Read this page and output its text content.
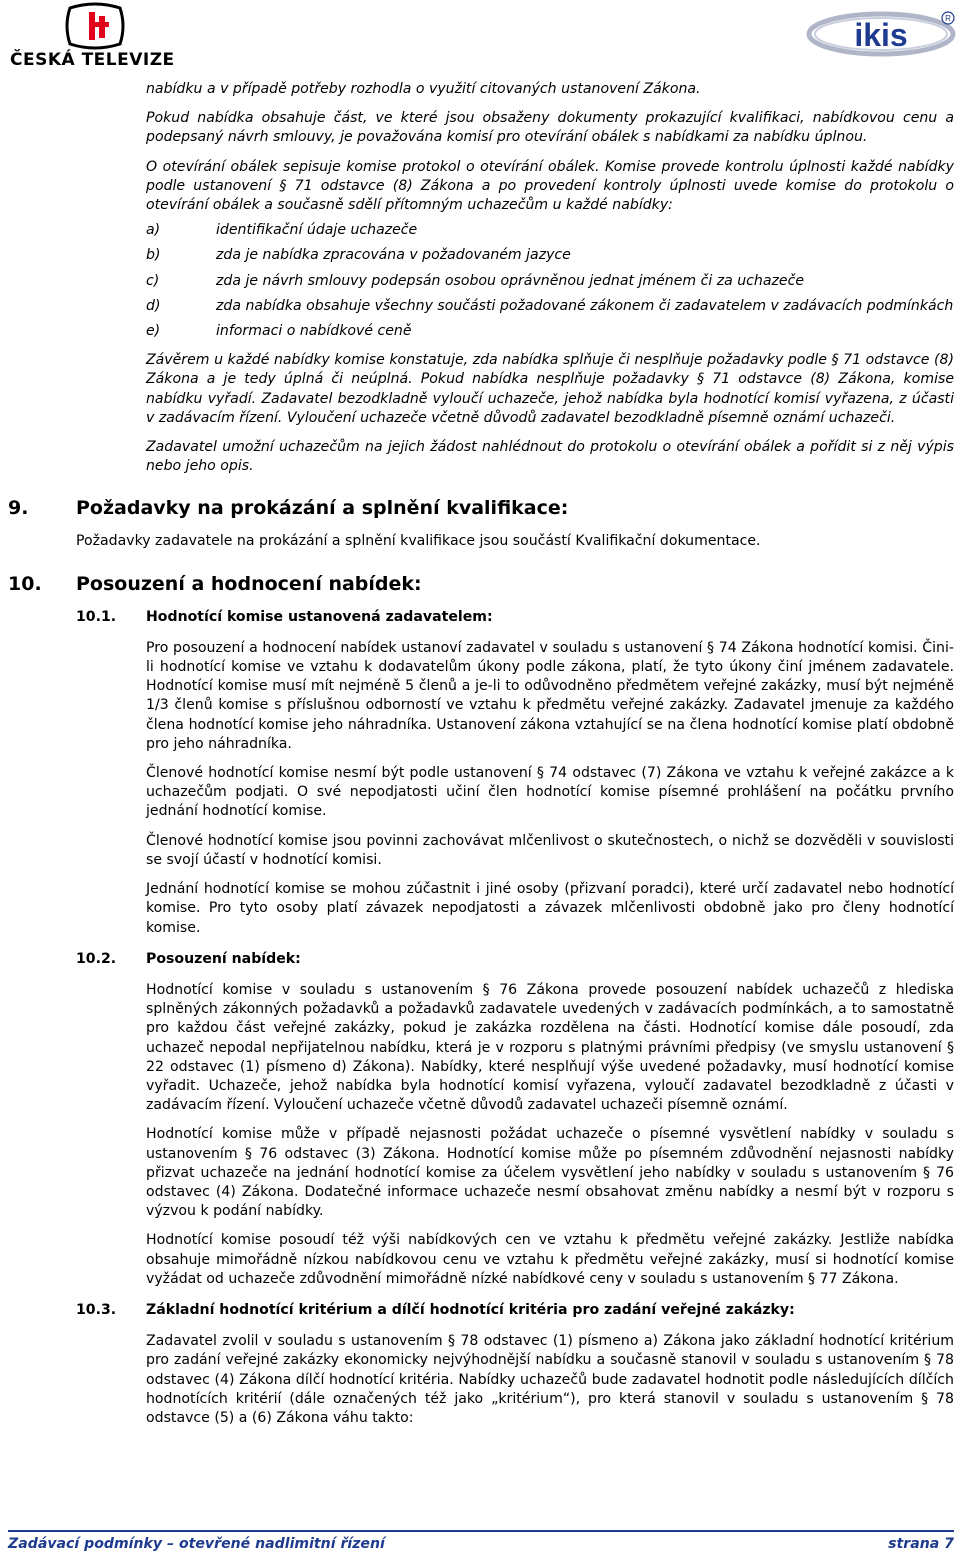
ČESKÁ TELEVIZE
R
ikis

nabídku a v případě potřeby rozhodla o využití citovaných ustanovení Zákona.

Pokud nabídka obsahuje část, ve které jsou obsaženy dokumenty prokazující kvalifikaci, nabídkovou cenu a podepsaný návrh smlouvy, je považována komisí pro otevírání obálek s nabídkami za nabídku úplnou.

O otevírání obálek sepisuje komise protokol o otevírání obálek. Komise provede kontrolu úplnosti každé nabídky podle ustanovení § 71 odstavce (8) Zákona a po provedení kontroly úplnosti uvede komise do protokolu o otevírání obálek a současně sdělí přítomným uchazečům u každé nabídky:

a)	identifikační údaje uchazeče
b)	zda je nabídka zpracována v požadovaném jazyce
c)	zda je návrh smlouvy podepsán osobou oprávněnou jednat jménem či za uchazeče
d)	zda nabídka obsahuje všechny součásti požadované zákonem či zadavatelem v zadávacích podmínkách
e)	informaci o nabídkové ceně

Závěrem u každé nabídky komise konstatuje, zda nabídka splňuje či nesplňuje požadavky podle § 71 odstavce (8) Zákona a je tedy úplná či neúplná. Pokud nabídka nesplňuje požadavky § 71 odstavce (8) Zákona, komise nabídku vyřadí. Zadavatel bezodkladně vyloučí uchazeče, jehož nabídka byla hodnotící komisí vyřazena, z účasti v zadávacím řízení. Vyloučení uchazeče včetně důvodů zadavatel bezodkladně písemně oznámí uchazeči.

Zadavatel umožní uchazečům na jejich žádost nahlédnout do protokolu o otevírání obálek a pořídit si z něj výpis nebo jeho opis.

9.	Požadavky na prokázání a splnění kvalifikace:

Požadavky zadavatele na prokázání a splnění kvalifikace jsou součástí Kvalifikační dokumentace.

10.	Posouzení a hodnocení nabídek:
10.1.	Hodnotící komise ustanovená zadavatelem:

Pro posouzení a hodnocení nabídek ustanoví zadavatel v souladu s ustanovení § 74 Zákona hodnotící komisi. Čini-li hodnotící komise ve vztahu k dodavatelům úkony podle zákona, platí, že tyto úkony činí jménem zadavatele. Hodnotící komise musí mít nejméně 5 členů a je-li to odůvodněno předmětem veřejné zakázky, musí být nejméně 1/3 členů komise s příslušnou odborností ve vztahu k předmětu veřejné zakázky. Zadavatel jmenuje za každého člena hodnotící komise jeho náhradníka. Ustanovení zákona vztahující se na člena hodnotící komise platí obdobně pro jeho náhradníka.

Členové hodnotící komise nesmí být podle ustanovení § 74 odstavec (7) Zákona ve vztahu k veřejné zakázce a k uchazečům podjati. O své nepodjatosti učiní člen hodnotící komise písemné prohlášení na počátku prvního jednání hodnotící komise.

Členové hodnotící komise jsou povinni zachovávat mlčenlivost o skutečnostech, o nichž se dozvěděli v souvislosti se svojí účastí v hodnotící komisi.

Jednání hodnotící komise se mohou zúčastnit i jiné osoby (přizvaní poradci), které určí zadavatel nebo hodnotící komise. Pro tyto osoby platí závazek nepodjatosti a závazek mlčenlivosti obdobně jako pro členy hodnotící komise.

10.2.	Posouzení nabídek:

Hodnotící komise v souladu s ustanovením § 76 Zákona provede posouzení nabídek uchazečů z hlediska splněných zákonných požadavků a požadavků zadavatele uvedených v zadávacích podmínkách, a to samostatně pro každou část veřejné zakázky, pokud je zakázka rozdělena na části. Hodnotící komise dále posoudí, zda uchazeč nepodal nepřijatelnou nabídku, která je v rozporu s platnými právními předpisy (ve smyslu ustanovení § 22 odstavec (1) písmeno d) Zákona). Nabídky, které nesplňují výše uvedené požadavky, musí hodnotící komise vyřadit. Uchazeče, jehož nabídka byla hodnotící komisí vyřazena, vyloučí zadavatel bezodkladně z účasti v zadávacím řízení. Vyloučení uchazeče včetně důvodů zadavatel uchazeči písemně oznámí.

Hodnotící komise může v případě nejasnosti požádat uchazeče o písemné vysvětlení nabídky v souladu s ustanovením § 76 odstavec (3) Zákona. Hodnotící komise může po písemném zdůvodnění nejasnosti nabídky přizvat uchazeče na jednání hodnotící komise za účelem vysvětlení jeho nabídky v souladu s ustanovením § 76 odstavec (4) Zákona. Dodatečné informace uchazeče nesmí obsahovat změnu nabídky a nesmí být v rozporu s výzvou k podání nabídky.

Hodnotící komise posoudí též výši nabídkových cen ve vztahu k předmětu veřejné zakázky. Jestliže nabídka obsahuje mimořádně nízkou nabídkovou cenu ve vztahu k předmětu veřejné zakázky, musí si hodnotící komise vyžádat od uchazeče zdůvodnění mimořádně nízké nabídkové ceny v souladu s ustanovením § 77 Zákona.

10.3.	Základní hodnotící kritérium a dílčí hodnotící kritéria pro zadání veřejné zakázky:

Zadavatel zvolil v souladu s ustanovením § 78 odstavec (1) písmeno a) Zákona jako základní hodnotící kritérium pro zadání veřejné zakázky ekonomicky nejvýhodnější nabídku a současně stanovil v souladu s ustanovením § 78 odstavec (4) Zákona dílčí hodnotící kritéria. Nabídky uchazečů bude zadavatel hodnotit podle následujících dílčích hodnotících kritérií (dále označených též jako „kritérium“), pro která stanovil v souladu s ustanovením § 78 odstavce (5) a (6) Zákona váhu takto:

Zadávací podmínky – otevřené nadlimitní řízení	strana 7
